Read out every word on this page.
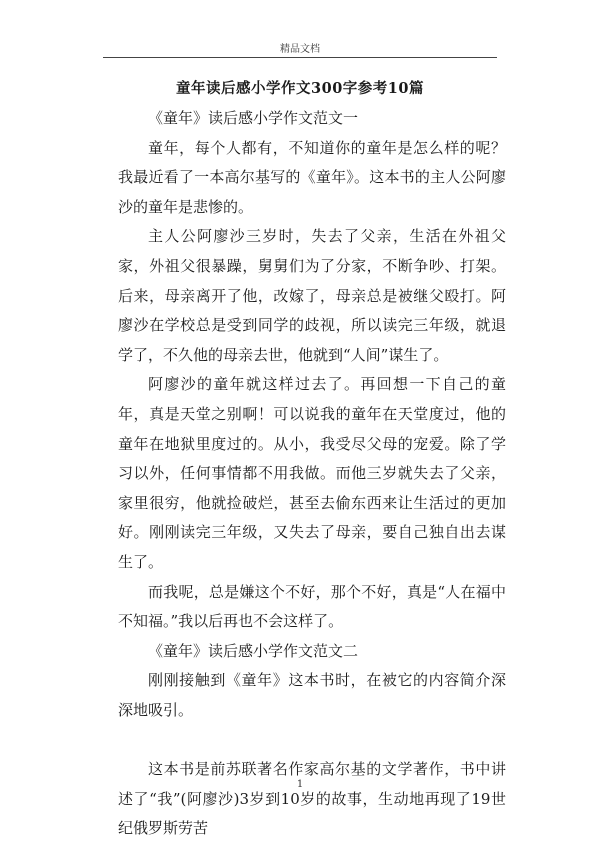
精品文档
童年读后感小学作文300字参考10篇

《童年》读后感小学作文范文一

童年，每个人都有，不知道你的童年是怎么样的呢？我最近看了一本高尔基写的《童年》。这本书的主人公阿廖沙的童年是悲惨的。

主人公阿廖沙三岁时，失去了父亲，生活在外祖父家，外祖父很暴躁，舅舅们为了分家，不断争吵、打架。后来，母亲离开了他，改嫁了，母亲总是被继父殴打。阿廖沙在学校总是受到同学的歧视，所以读完三年级，就退学了，不久他的母亲去世，他就到“人间”谋生了。

阿廖沙的童年就这样过去了。再回想一下自己的童年，真是天堂之别啊！可以说我的童年在天堂度过，他的童年在地狱里度过的。从小，我受尽父母的宠爱。除了学习以外，任何事情都不用我做。而他三岁就失去了父亲，家里很穷，他就捡破烂，甚至去偷东西来让生活过的更加好。刚刚读完三年级，又失去了母亲，要自己独自出去谋生了。

而我呢，总是嫌这个不好，那个不好，真是“人在福中不知福。”我以后再也不会这样了。

《童年》读后感小学作文范文二

刚刚接触到《童年》这本书时，在被它的内容简介深深地吸引。

这本书是前苏联著名作家高尔基的文学著作，书中讲述了“我”(阿廖沙)3岁到10岁的故事，生动地再现了19世纪俄罗斯劳苦

1
